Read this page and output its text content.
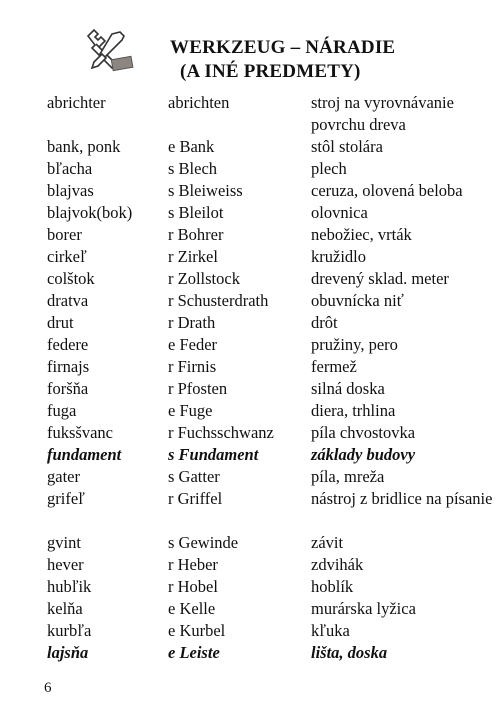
WERKZEUG – NÁRADIE
(A INÉ PREDMETY)
abrichter	abrichten	stroj na vyrovnávanie povrchu dreva
bank, ponk	e Bank	stôl stolára
bľacha	s Blech	plech
blajvas	s Bleiweiss	ceruza, olovená beloba
blajvok(bok)	s Bleilot	olovnica
borer	r Bohrer	nebožiec, vrták
cirkeľ	r Zirkel	kružidlo
colštok	r Zollstock	drevený sklad. meter
dratva	r Schusterdrath	obuvnícka niť
drut	r Drath	drôt
federe	e Feder	pružiny, pero
firnajs	r Firnis	fermež
foršňa	r Pfosten	silná doska
fuga	e Fuge	diera, trhlina
fuksšvanc	r Fuchsschwanz	píla chvostovka
fundament	s Fundament	základy budovy
gater	s Gatter	píla, mreža
grifeľ	r Griffel	nástroj z bridlice na písanie
gvint	s Gewinde	závit
hever	r Heber	zdvihák
hubľik	r Hobel	hoblík
kelňa	e Kelle	murárska lyžica
kurbľa	e Kurbel	kľuka
lajsňa	e Leiste	lišta, doska
6
